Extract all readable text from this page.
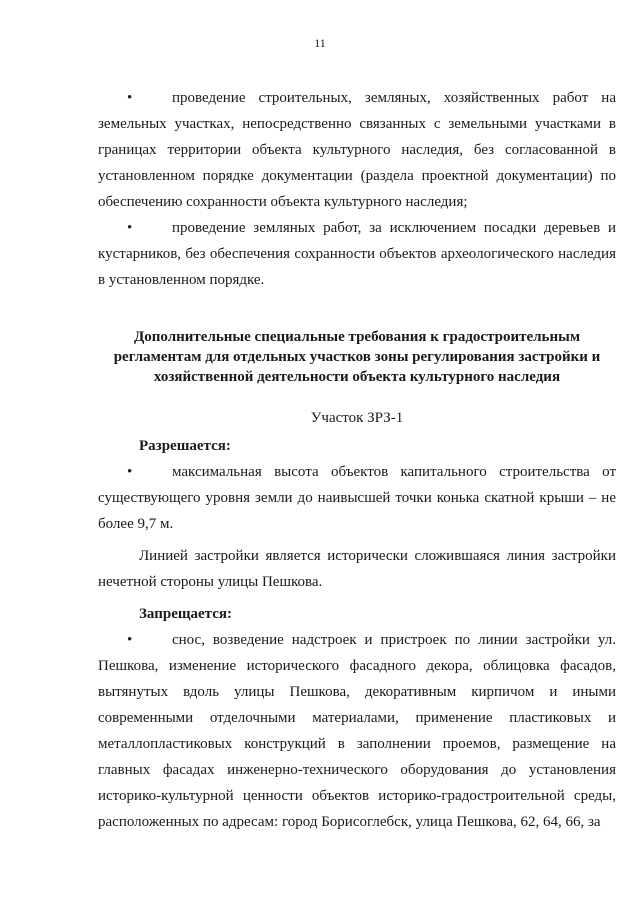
11

•	проведение строительных, земляных, хозяйственных работ на земельных участках, непосредственно связанных с земельными участками в границах территории объекта культурного наследия, без согласованной в установленном порядке документации (раздела проектной документации) по обеспечению сохранности объекта культурного наследия;

•	проведение земляных работ, за исключением посадки деревьев и кустарников, без обеспечения сохранности объектов археологического наследия в установленном порядке.

Дополнительные специальные требования к градостроительным регламентам для отдельных участков зоны регулирования застройки и хозяйственной деятельности объекта культурного наследия

Участок ЗРЗ-1

Разрешается:

•	максимальная высота объектов капитального строительства от существующего уровня земли до наивысшей точки конька скатной крыши – не более 9,7 м.

Линией застройки является исторически сложившаяся линия застройки нечетной стороны улицы Пешкова.

Запрещается:

•	снос, возведение надстроек и пристроек по линии застройки ул. Пешкова, изменение исторического фасадного декора, облицовка фасадов, вытянутых вдоль улицы Пешкова, декоративным кирпичом и иными современными отделочными материалами, применение пластиковых и металлопластиковых конструкций в заполнении проемов, размещение на главных фасадах инженерно-технического оборудования до установления историко-культурной ценности объектов историко-градостроительной среды, расположенных по адресам: город Борисоглебск, улица Пешкова, 62, 64, 66, за
